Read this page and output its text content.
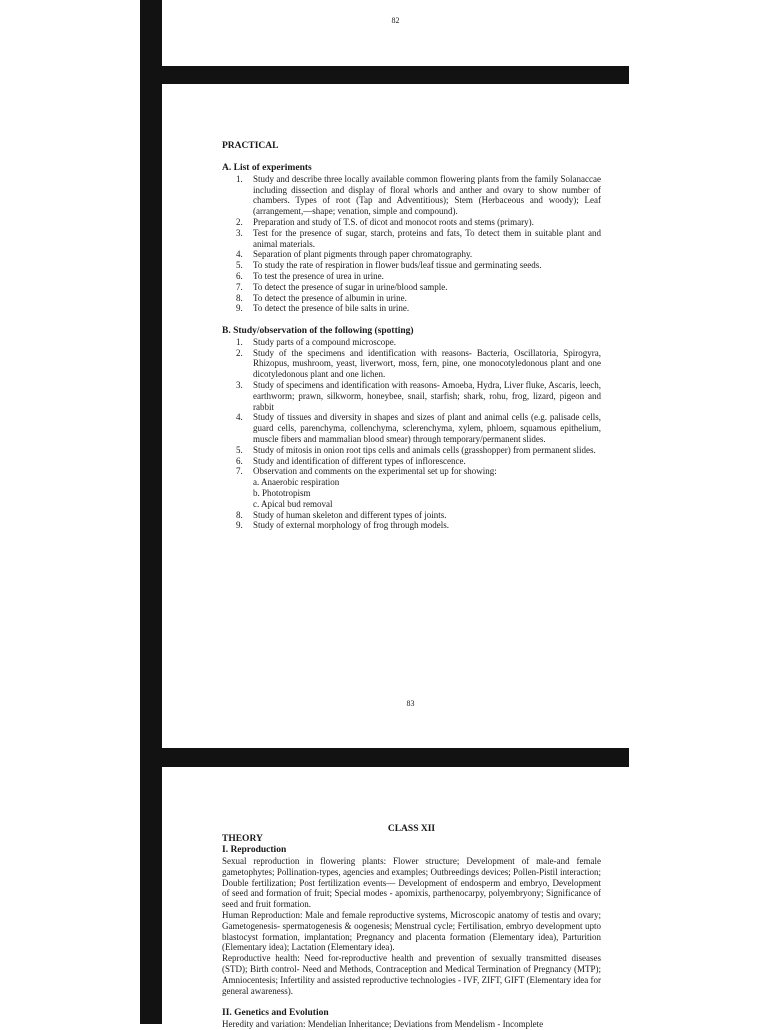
82
PRACTICAL
A. List of experiments
1. Study and describe three locally available common flowering plants from the family Solanaccae including dissection and display of floral whorls and anther and ovary to show number of chambers. Types of root (Tap and Adventitious); Stem (Herbaceous and woody); Leaf (arrangement,—shape; venation, simple and compound).
2. Preparation and study of T.S. of dicot and monocot roots and stems (primary).
3. Test for the presence of sugar, starch, proteins and fats, To detect them in suitable plant and animal materials.
4. Separation of plant pigments through paper chromatography.
5. To study the rate of respiration in flower buds/leaf tissue and germinating seeds.
6. To test the presence of urea in urine.
7. To detect the presence of sugar in urine/blood sample.
8. To detect the presence of albumin in urine.
9. To detect the presence of bile salts in urine.
B. Study/observation of the following (spotting)
1. Study parts of a compound microscope.
2. Study of the specimens and identification with reasons- Bacteria, Oscillatoria, Spirogyra, Rhizopus, mushroom, yeast, liverwort, moss, fern, pine, one monocotyledonous plant and one dicotyledonous plant and one lichen.
3. Study of specimens and identification with reasons- Amoeba, Hydra, Liver fluke, Ascaris, leech, earthworm; prawn, silkworm, honeybee, snail, starfish; shark, rohu, frog, lizard, pigeon and rabbit
4. Study of tissues and diversity in shapes and sizes of plant and animal cells (e.g. palisade cells, guard cells, parenchyma, collenchyma, sclerenchyma, xylem, phloem, squamous epithelium, muscle fibers and mammalian blood smear) through temporary/permanent slides.
5. Study of mitosis in onion root tips cells and animals cells (grasshopper) from permanent slides.
6. Study and identification of different types of inflorescence.
7. Observation and comments on the experimental set up for showing:
a. Anaerobic respiration
b. Phototropism
c. Apical bud removal
8. Study of human skeleton and different types of joints.
9. Study of external morphology of frog through models.
83
CLASS XII
THEORY
I. Reproduction
Sexual reproduction in flowering plants: Flower structure; Development of male-and female gametophytes; Pollination-types, agencies and examples; Outbreedings devices; Pollen-Pistil interaction; Double fertilization; Post fertilization events— Development of endosperm and embryo, Development of seed and formation of fruit; Special modes - apomixis, parthenocarpy, polyembryony; Significance of seed and fruit formation.
Human Reproduction: Male and female reproductive systems, Microscopic anatomy of testis and ovary; Gametogenesis- spermatogenesis & oogenesis; Menstrual cycle; Fertilisation, embryo development upto blastocyst formation, implantation; Pregnancy and placenta formation (Elementary idea), Parturition (Elementary idea); Lactation (Elementary idea).
Reproductive health: Need for-reproductive health and prevention of sexually transmitted diseases (STD); Birth control- Need and Methods, Contraception and Medical Termination of Pregnancy (MTP); Amniocentesis; Infertility and assisted reproductive technologies - IVF, ZIFT, GIFT (Elementary idea for general awareness).
II. Genetics and Evolution
Heredity and variation: Mendelian Inheritance; Deviations from Mendelism - Incomplete
